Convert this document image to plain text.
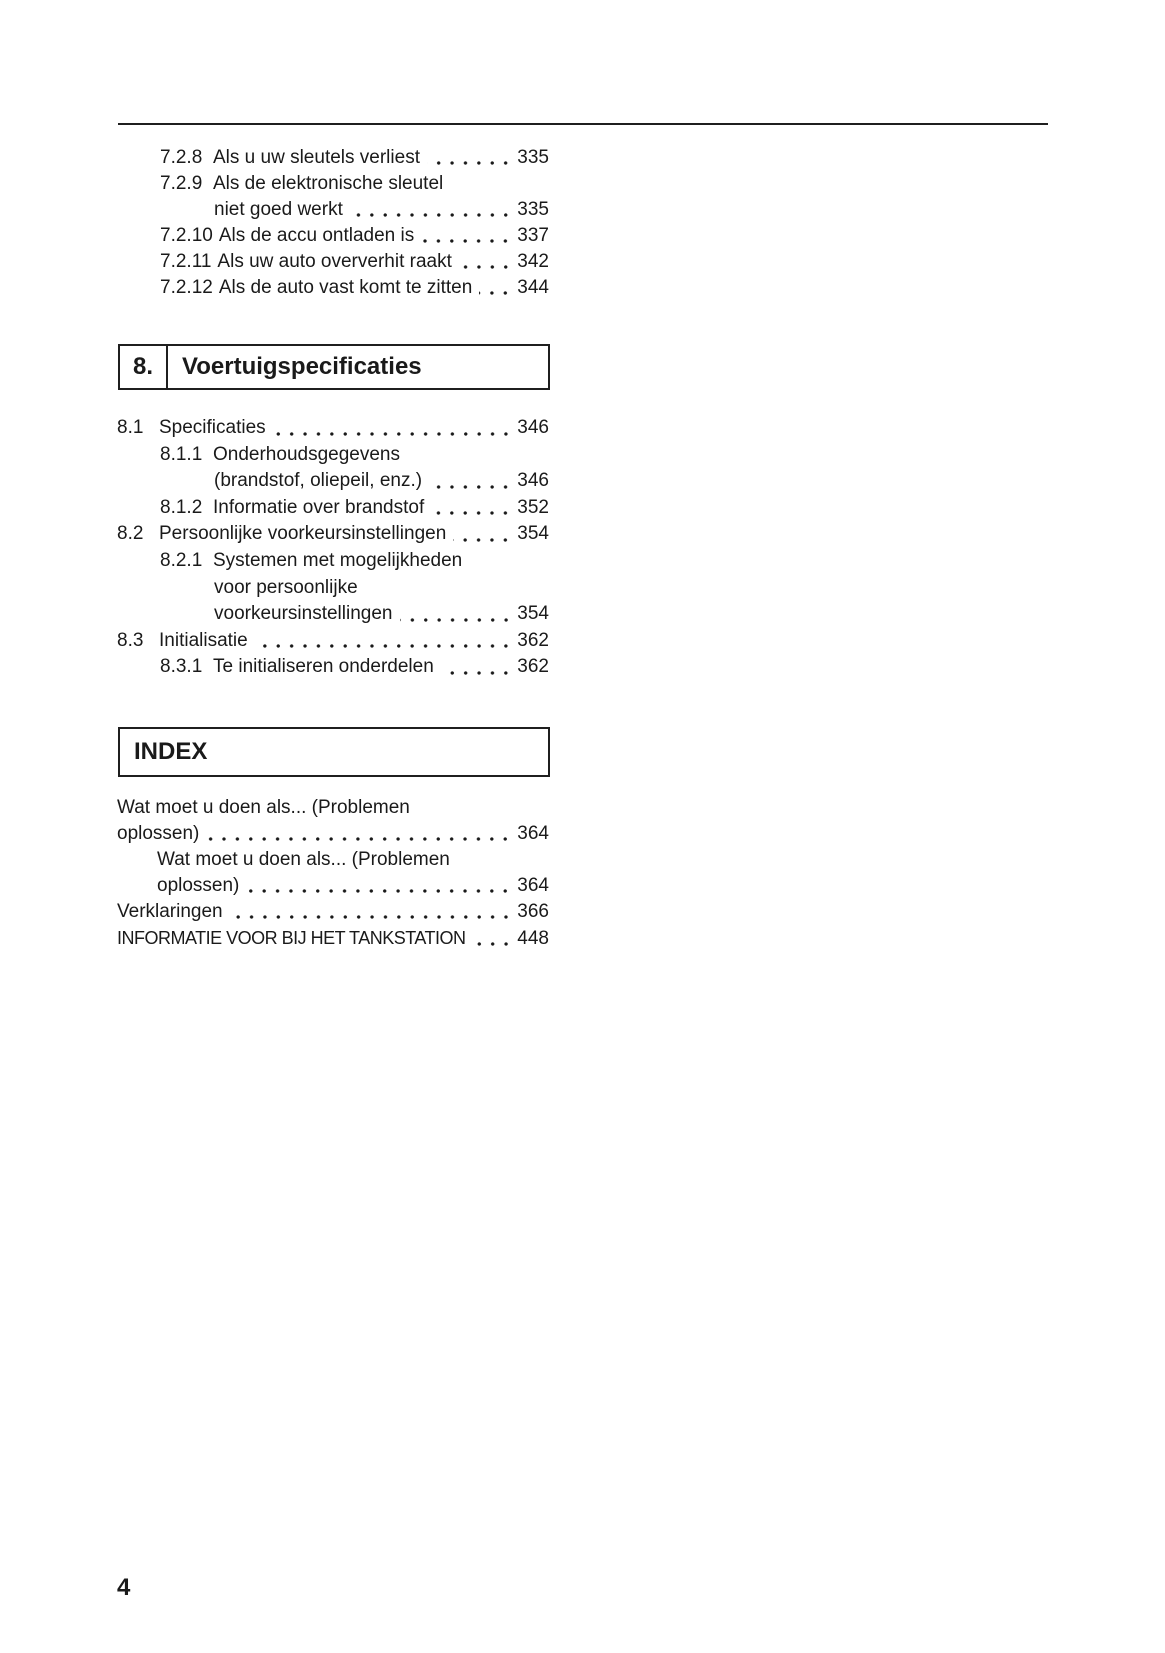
7.2.8 Als u uw sleutels verliest	335
7.2.9 Als de elektronische sleutel
niet goed werkt	335
7.2.10 Als de accu ontladen is	337
7.2.11 Als uw auto oververhit raakt	342
7.2.12 Als de auto vast komt te zitten 344
8.	Voertuigspecificaties
8.1 Specificaties	346
8.1.1 Onderhoudsgegevens
(brandstof, oliepeil, enz.)	346
8.1.2 Informatie over brandstof	352
8.2 Persoonlijke voorkeursinstellingen	354
8.2.1 Systemen met mogelijkheden
voor persoonlijke
voorkeursinstellingen	354
8.3 Initialisatie	362
8.3.1 Te initialiseren onderdelen	362
INDEX
Wat moet u doen als... (Problemen
oplossen)	364
Wat moet u doen als... (Problemen
oplossen)	364
Verklaringen	366
INFORMATIE VOOR BIJ HET TANKSTATION	448
4
